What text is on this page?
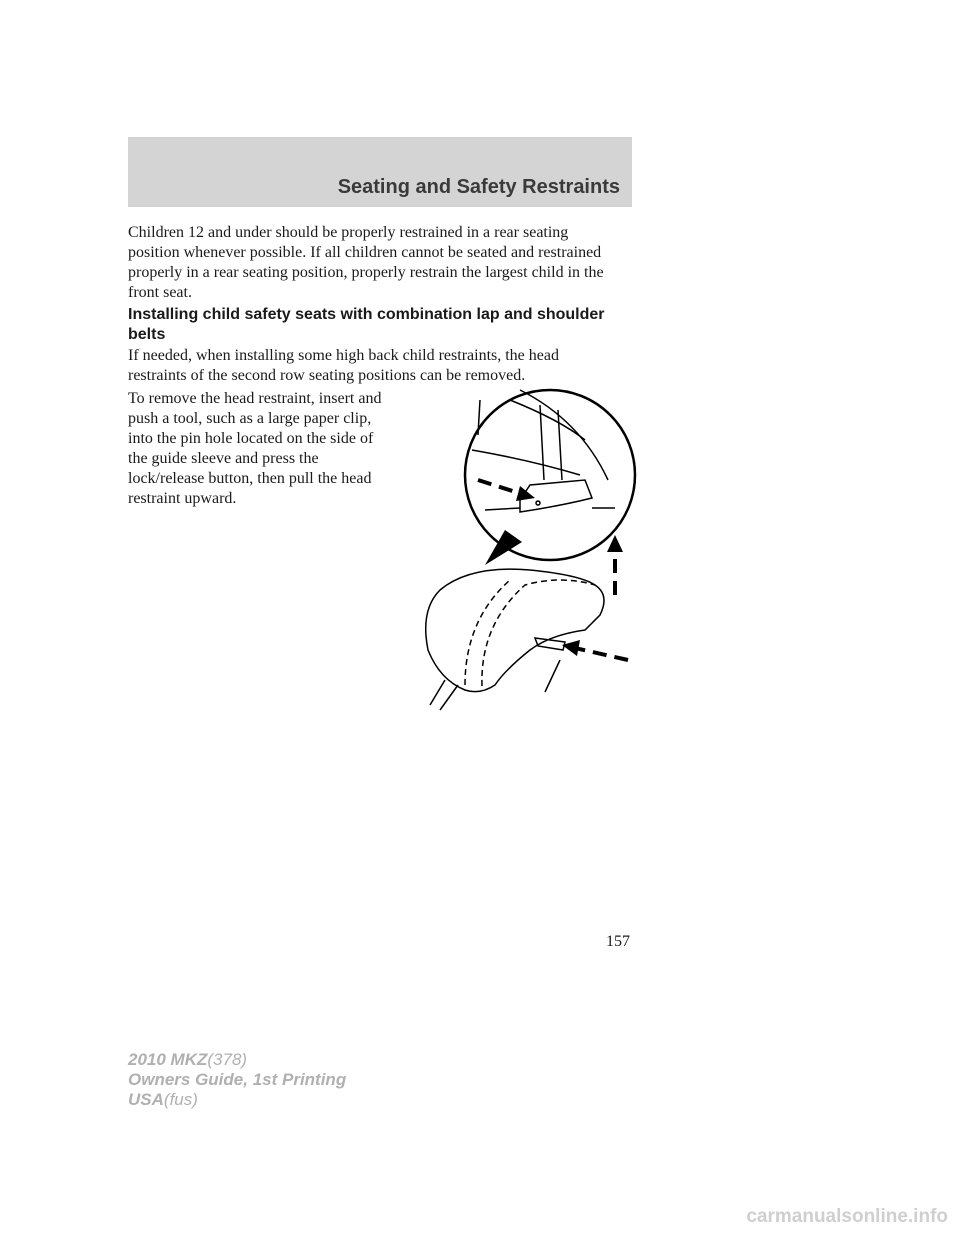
Seating and Safety Restraints

Children 12 and under should be properly restrained in a rear seating position whenever possible. If all children cannot be seated and restrained properly in a rear seating position, properly restrain the largest child in the front seat.

Installing child safety seats with combination lap and shoulder belts

If needed, when installing some high back child restraints, the head restraints of the second row seating positions can be removed.

To remove the head restraint, insert and push a tool, such as a large paper clip, into the pin hole located on the side of the guide sleeve and press the lock/release button, then pull the head restraint upward.

157
2010 MKZ(378)
Owners Guide, 1st Printing
USA(fus)
carmanualsonline.info
